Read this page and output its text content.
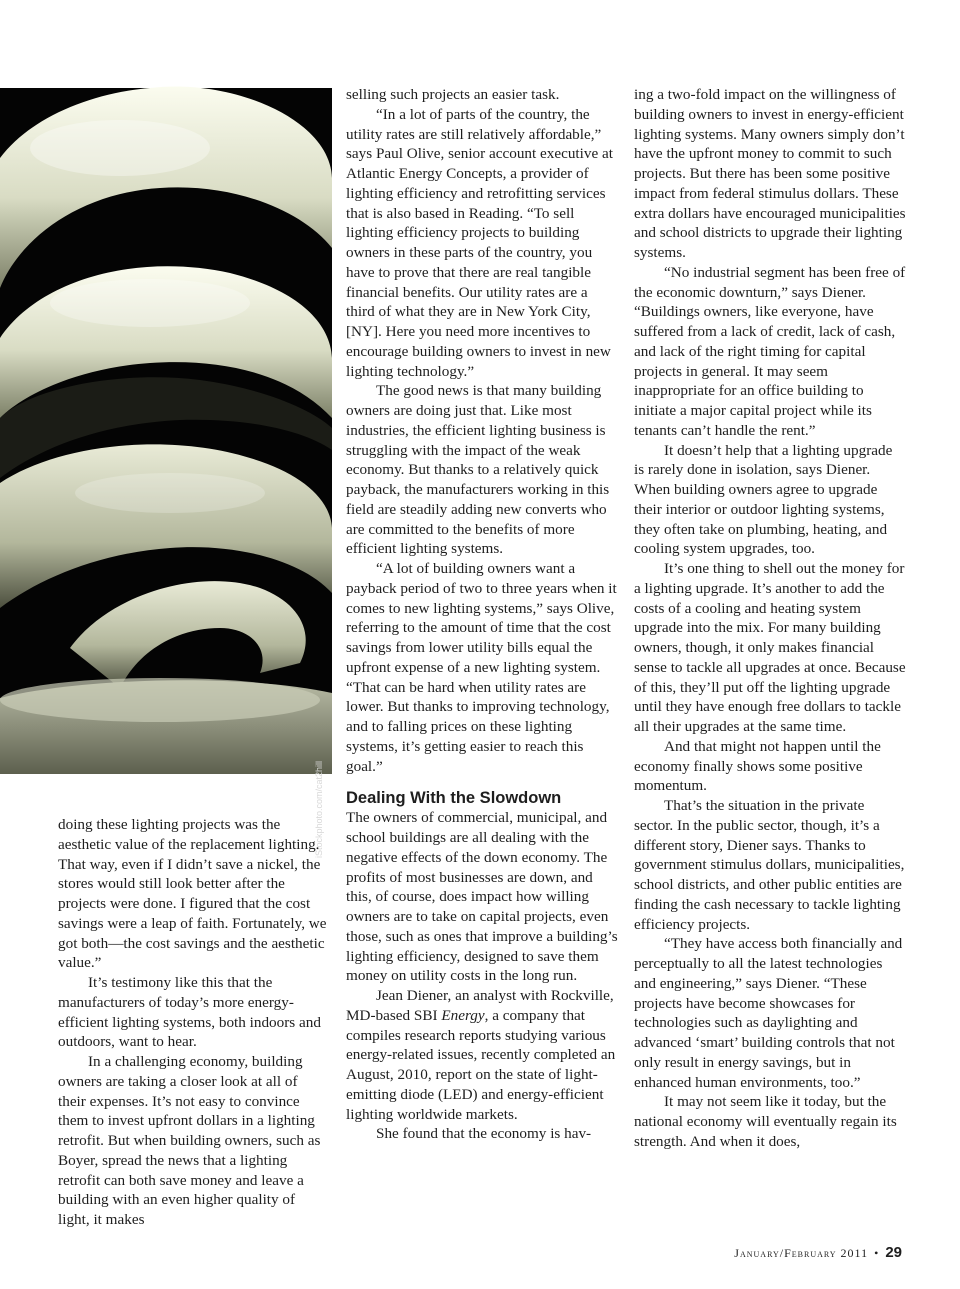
iStockphoto.com/cat2hill

doing these lighting projects was the aesthetic value of the replacement lighting. That way, even if I didn’t save a nickel, the stores would still look better after the projects were done. I figured that the cost savings were a leap of faith. Fortunately, we got both—the cost savings and the aesthetic value.”

It’s testimony like this that the manufacturers of today’s more energy-efficient lighting systems, both indoors and outdoors, want to hear.

In a challenging economy, building owners are taking a closer look at all of their expenses. It’s not easy to convince them to invest upfront dollars in a lighting retrofit. But when building owners, such as Boyer, spread the news that a lighting retrofit can both save money and leave a building with an even higher quality of light, it makes

selling such projects an easier task.

“In a lot of parts of the country, the utility rates are still relatively affordable,” says Paul Olive, senior account executive at Atlantic Energy Concepts, a provider of lighting efficiency and retrofitting services that is also based in Reading. “To sell lighting efficiency projects to building owners in these parts of the country, you have to prove that there are real tangible financial benefits. Our utility rates are a third of what they are in New York City, [NY]. Here you need more incentives to encourage building owners to invest in new lighting technology.”

The good news is that many building owners are doing just that. Like most industries, the efficient lighting business is struggling with the impact of the weak economy. But thanks to a relatively quick payback, the manufacturers working in this field are steadily adding new converts who are committed to the benefits of more efficient lighting systems.

“A lot of building owners want a payback period of two to three years when it comes to new lighting systems,” says Olive, referring to the amount of time that the cost savings from lower utility bills equal the upfront expense of a new lighting system. “That can be hard when utility rates are lower. But thanks to improving technology, and to falling prices on these lighting systems, it’s getting easier to reach this goal.”

Dealing With the Slowdown

The owners of commercial, municipal, and school buildings are all dealing with the negative effects of the down economy. The profits of most businesses are down, and this, of course, does impact how willing owners are to take on capital projects, even those, such as ones that improve a building’s lighting efficiency, designed to save them money on utility costs in the long run.

Jean Diener, an analyst with Rockville, MD-based SBI Energy, a company that compiles research reports studying various energy-related issues, recently completed an August, 2010, report on the state of light-emitting diode (LED) and energy-efficient lighting worldwide markets.

She found that the economy is hav-

ing a two-fold impact on the willingness of building owners to invest in energy-efficient lighting systems. Many owners simply don’t have the upfront money to commit to such projects. But there has been some positive impact from federal stimulus dollars. These extra dollars have encouraged municipalities and school districts to upgrade their lighting systems.

“No industrial segment has been free of the economic downturn,” says Diener. “Buildings owners, like everyone, have suffered from a lack of credit, lack of cash, and lack of the right timing for capital projects in general. It may seem inappropriate for an office building to initiate a major capital project while its tenants can’t handle the rent.”

It doesn’t help that a lighting upgrade is rarely done in isolation, says Diener. When building owners agree to upgrade their interior or outdoor lighting systems, they often take on plumbing, heating, and cooling system upgrades, too.

It’s one thing to shell out the money for a lighting upgrade. It’s another to add the costs of a cooling and heating system upgrade into the mix. For many building owners, though, it only makes financial sense to tackle all upgrades at once. Because of this, they’ll put off the lighting upgrade until they have enough free dollars to tackle all their upgrades at the same time.

And that might not happen until the economy finally shows some positive momentum.

That’s the situation in the private sector. In the public sector, though, it’s a different story, Diener says. Thanks to government stimulus dollars, municipalities, school districts, and other public entities are finding the cash necessary to tackle lighting efficiency projects.

“They have access both financially and perceptually to all the latest technologies and engineering,” says Diener. “These projects have become showcases for technologies such as daylighting and advanced ‘smart’ building controls that not only result in energy savings, but in enhanced human environments, too.”

It may not seem like it today, but the national economy will eventually regain its strength. And when it does,

January/February 2011 • 29
